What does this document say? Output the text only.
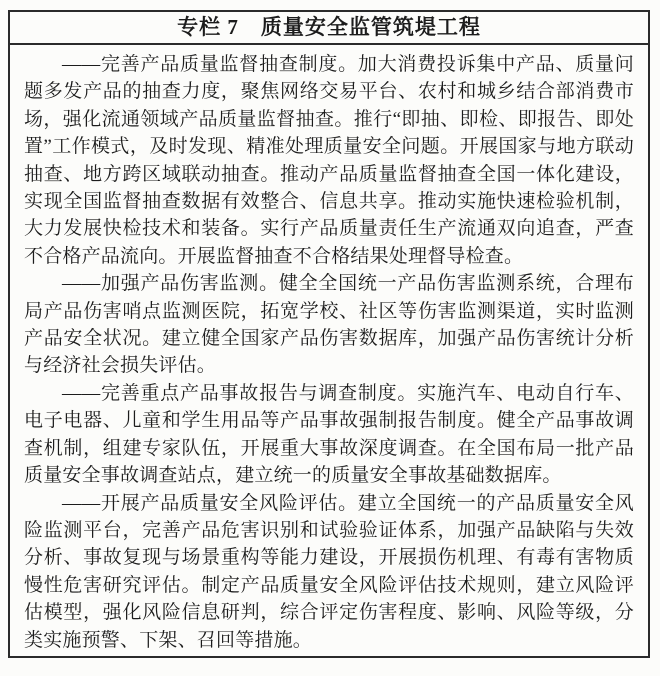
专栏 7　质量安全监管筑堤工程

——完善产品质量监督抽查制度。加大消费投诉集中产品、质量问题多发产品的抽查力度，聚焦网络交易平台、农村和城乡结合部消费市场，强化流通领域产品质量监督抽查。推行“即抽、即检、即报告、即处置”工作模式，及时发现、精准处理质量安全问题。开展国家与地方联动抽查、地方跨区域联动抽查。推动产品质量监督抽查全国一体化建设，实现全国监督抽查数据有效整合、信息共享。推动实施快速检验机制，大力发展快检技术和装备。实行产品质量责任生产流通双向追查，严查不合格产品流向。开展监督抽查不合格结果处理督导检查。

——加强产品伤害监测。健全全国统一产品伤害监测系统，合理布局产品伤害哨点监测医院，拓宽学校、社区等伤害监测渠道，实时监测产品安全状况。建立健全国家产品伤害数据库，加强产品伤害统计分析与经济社会损失评估。

——完善重点产品事故报告与调查制度。实施汽车、电动自行车、电子电器、儿童和学生用品等产品事故强制报告制度。健全产品事故调查机制，组建专家队伍，开展重大事故深度调查。在全国布局一批产品质量安全事故调查站点，建立统一的质量安全事故基础数据库。

——开展产品质量安全风险评估。建立全国统一的产品质量安全风险监测平台，完善产品危害识别和试验验证体系，加强产品缺陷与失效分析、事故复现与场景重构等能力建设，开展损伤机理、有毒有害物质慢性危害研究评估。制定产品质量安全风险评估技术规则，建立风险评估模型，强化风险信息研判，综合评定伤害程度、影响、风险等级，分类实施预警、下架、召回等措施。
